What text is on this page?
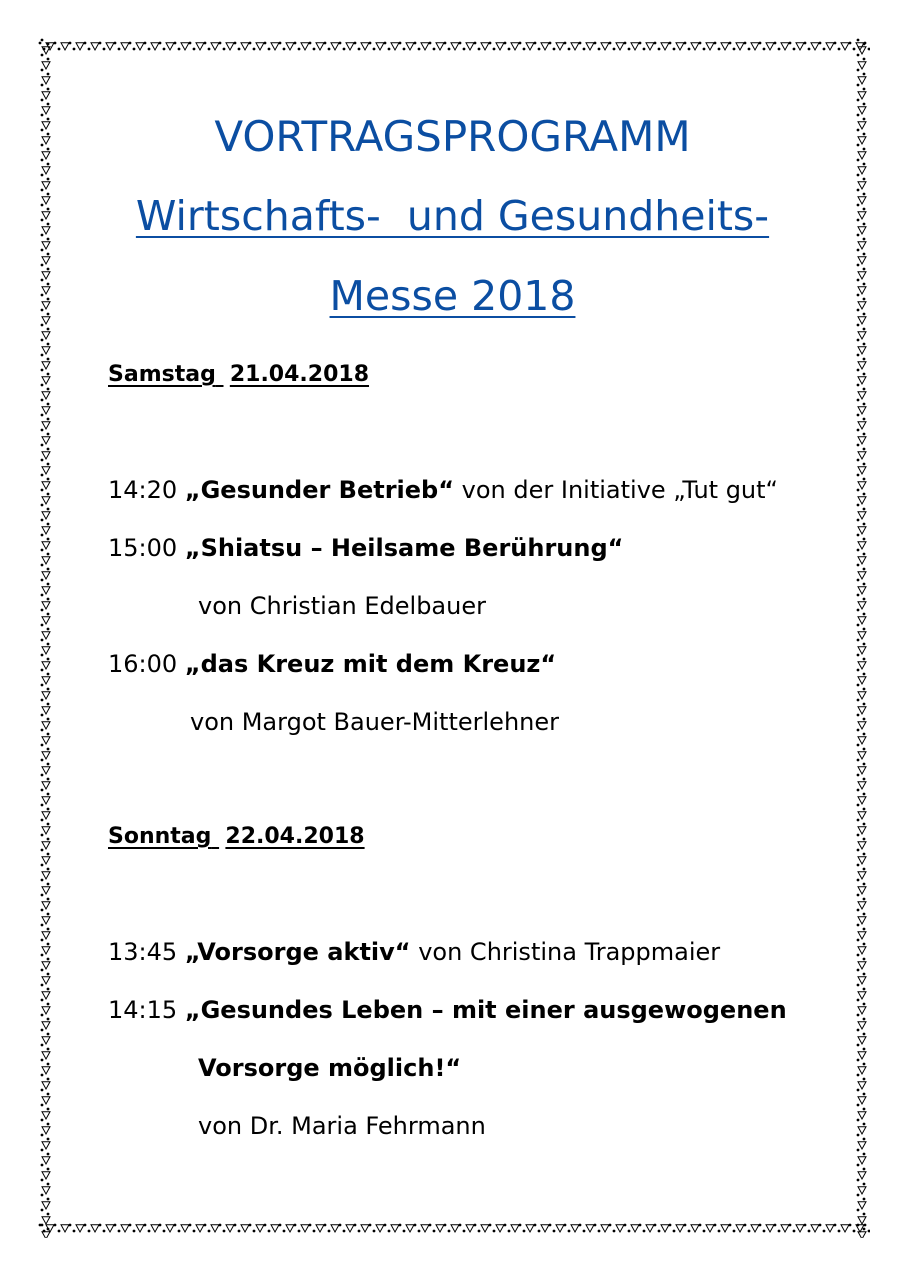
VORTRAGSPROGRAMM
Wirtschafts-  und Gesundheits-
Messe 2018
Samstag 21.04.2018
14:20 „Gesunder Betrieb“ von der Initiative „Tut gut“
15:00 „Shiatsu – Heilsame Berührung“
von Christian Edelbauer
16:00 „das Kreuz mit dem Kreuz“
von Margot Bauer-Mitterlehner
Sonntag 22.04.2018
13:45 „Vorsorge aktiv“ von Christina Trappmaier
14:15 „Gesundes Leben – mit einer ausgewogenen
Vorsorge möglich!“
von Dr. Maria Fehrmann
